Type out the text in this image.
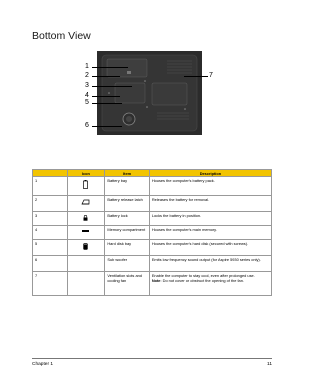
Bottom View
1
2
3
4
5
6
7
	Icon	Item	Description
1		Battery bay	Houses the computer's battery pack.
2		Battery release latch	Releases the battery for removal.
3		Battery lock	Locks the battery in position.
4		Memory compartment	Houses the computer's main memory.
5		Hard disk bay	Houses the computer's hard disk (secured with screws).
6		Sub woofer	Emits low frequency sound output (for Aspire 5930 series only).
7		Ventilation slots and cooling fan	Enable the computer to stay cool, even after prolonged use.
Note: Do not cover or obstruct the opening of the fan.
Chapter 1	11
